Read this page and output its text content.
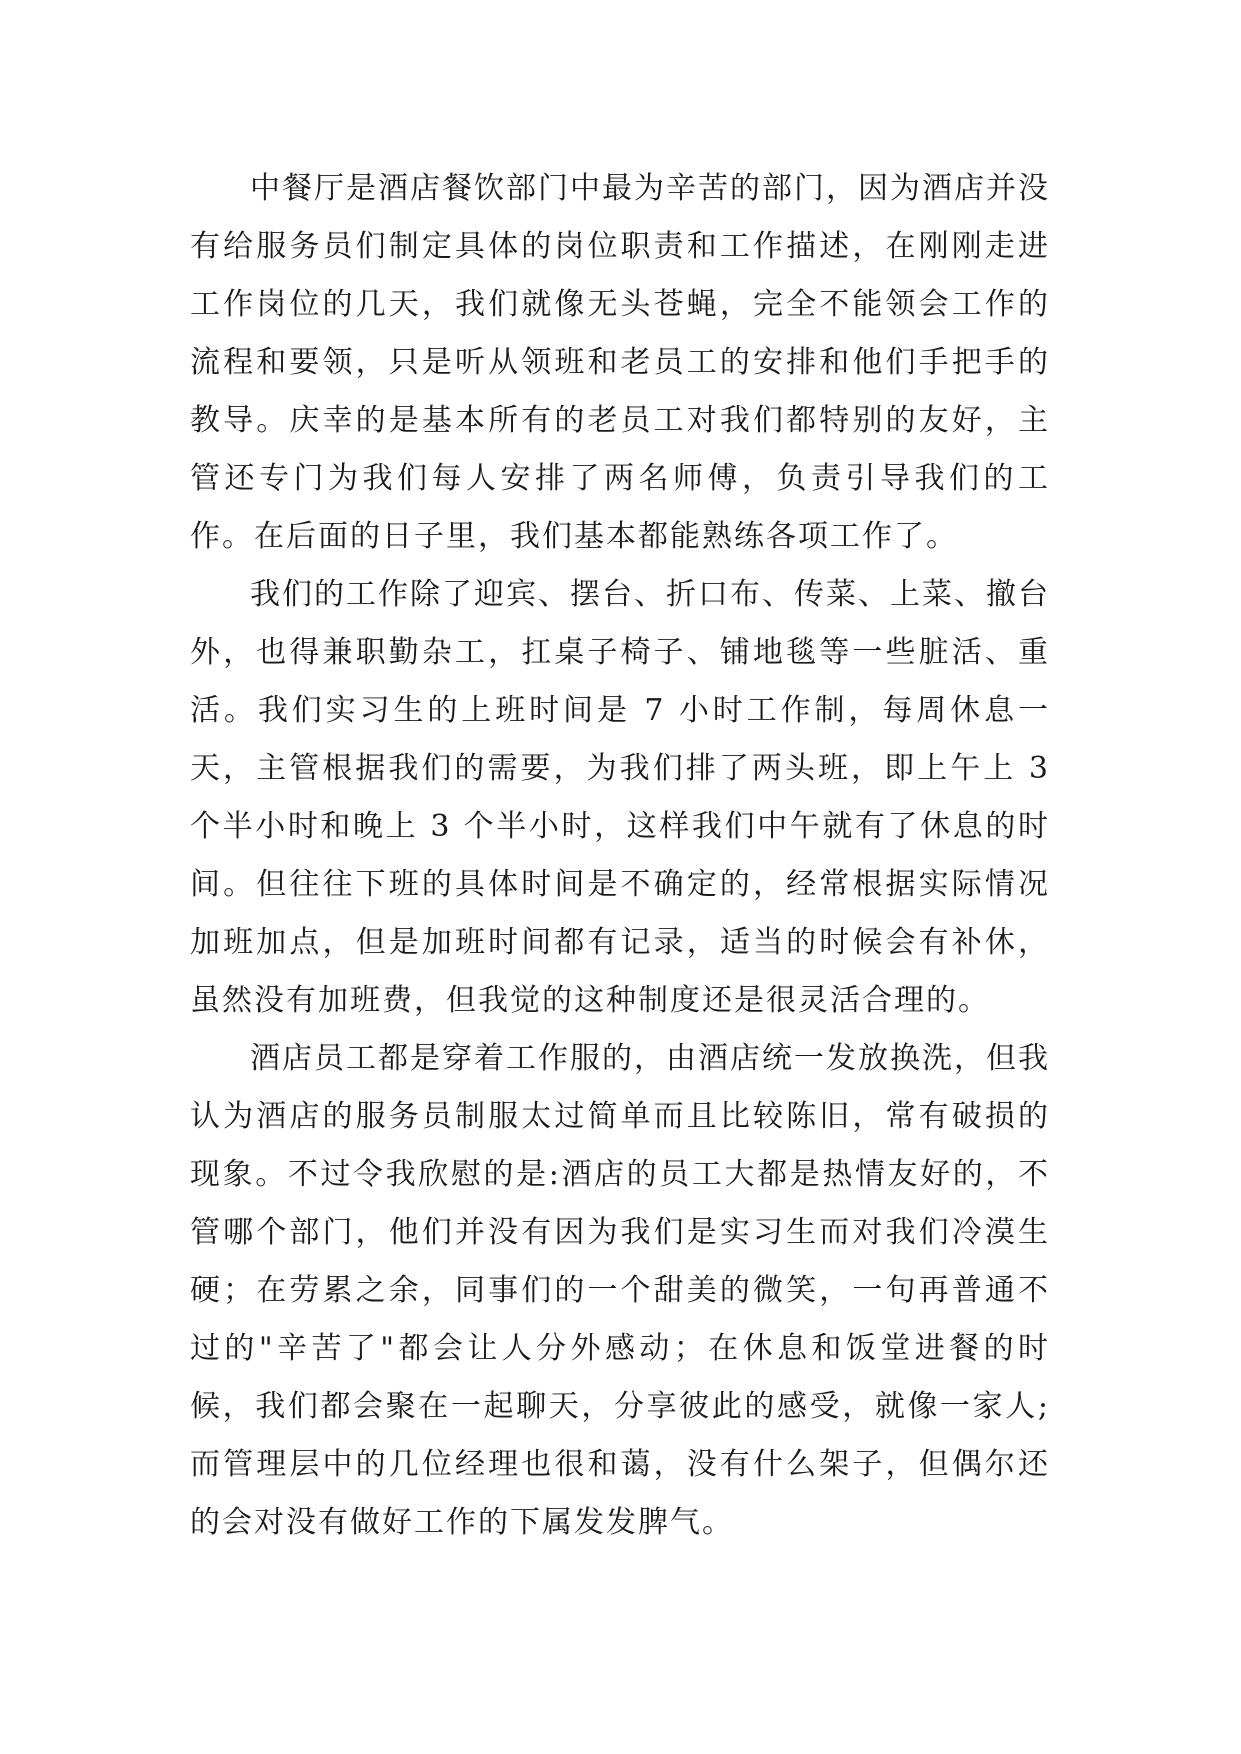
中餐厅是酒店餐饮部门中最为辛苦的部门，因为酒店并没有给服务员们制定具体的岗位职责和工作描述，在刚刚走进工作岗位的几天，我们就像无头苍蝇，完全不能领会工作的流程和要领，只是听从领班和老员工的安排和他们手把手的教导。庆幸的是基本所有的老员工对我们都特别的友好，主管还专门为我们每人安排了两名师傅，负责引导我们的工作。在后面的日子里，我们基本都能熟练各项工作了。

我们的工作除了迎宾、摆台、折口布、传菜、上菜、撤台外，也得兼职勤杂工，扛桌子椅子、铺地毯等一些脏活、重活。我们实习生的上班时间是 7 小时工作制，每周休息一天，主管根据我们的需要，为我们排了两头班，即上午上 3 个半小时和晚上 3 个半小时，这样我们中午就有了休息的时间。但往往下班的具体时间是不确定的，经常根据实际情况加班加点，但是加班时间都有记录，适当的时候会有补休，虽然没有加班费，但我觉的这种制度还是很灵活合理的。

酒店员工都是穿着工作服的，由酒店统一发放换洗，但我认为酒店的服务员制服太过简单而且比较陈旧，常有破损的现象。不过令我欣慰的是:酒店的员工大都是热情友好的，不管哪个部门，他们并没有因为我们是实习生而对我们冷漠生硬；在劳累之余，同事们的一个甜美的微笑，一句再普通不过的"辛苦了"都会让人分外感动；在休息和饭堂进餐的时候，我们都会聚在一起聊天，分享彼此的感受，就像一家人;而管理层中的几位经理也很和蔼，没有什么架子，但偶尔还的会对没有做好工作的下属发发脾气。
